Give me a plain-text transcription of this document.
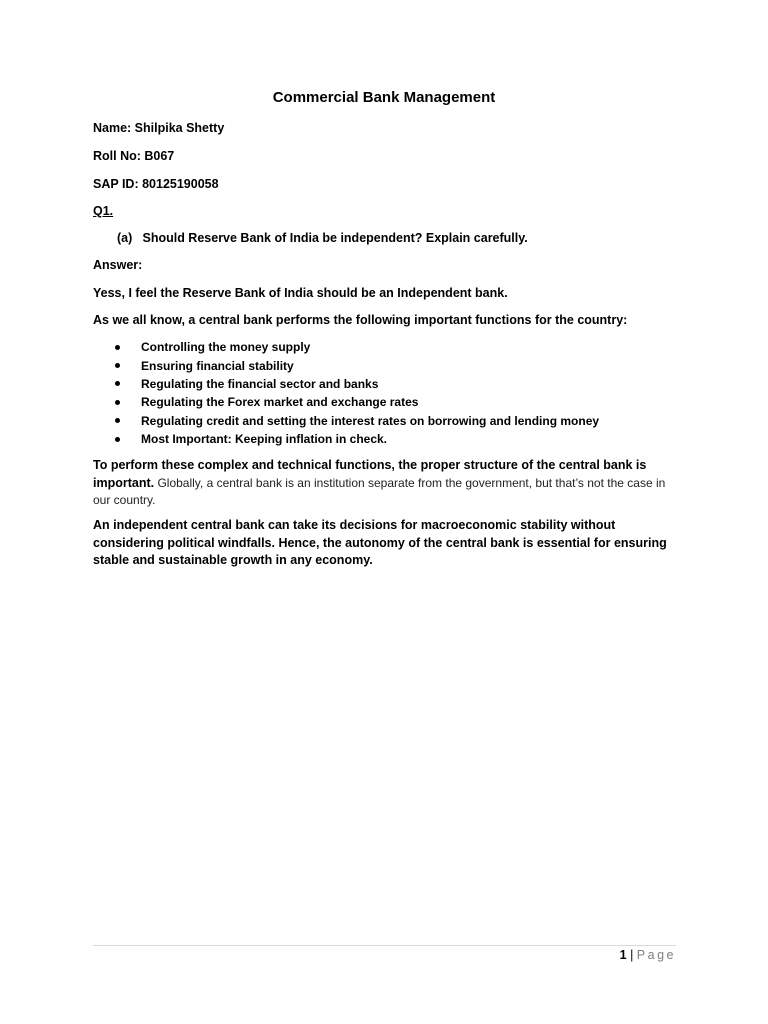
Commercial Bank Management
Name: Shilpika Shetty
Roll No: B067
SAP ID: 80125190058
Q1.
(a) Should Reserve Bank of India be independent? Explain carefully.
Answer:
Yess, I feel the Reserve Bank of India should be an Independent bank.
As we all know, a central bank performs the following important functions for the country:
Controlling the money supply
Ensuring financial stability
Regulating the financial sector and banks
Regulating the Forex market and exchange rates
Regulating credit and setting the interest rates on borrowing and lending money
Most Important: Keeping inflation in check.
To perform these complex and technical functions, the proper structure of the central bank is important. Globally, a central bank is an institution separate from the government, but that’s not the case in our country.
An independent central bank can take its decisions for macroeconomic stability without considering political windfalls. Hence, the autonomy of the central bank is essential for ensuring stable and sustainable growth in any economy.
1 | Page
